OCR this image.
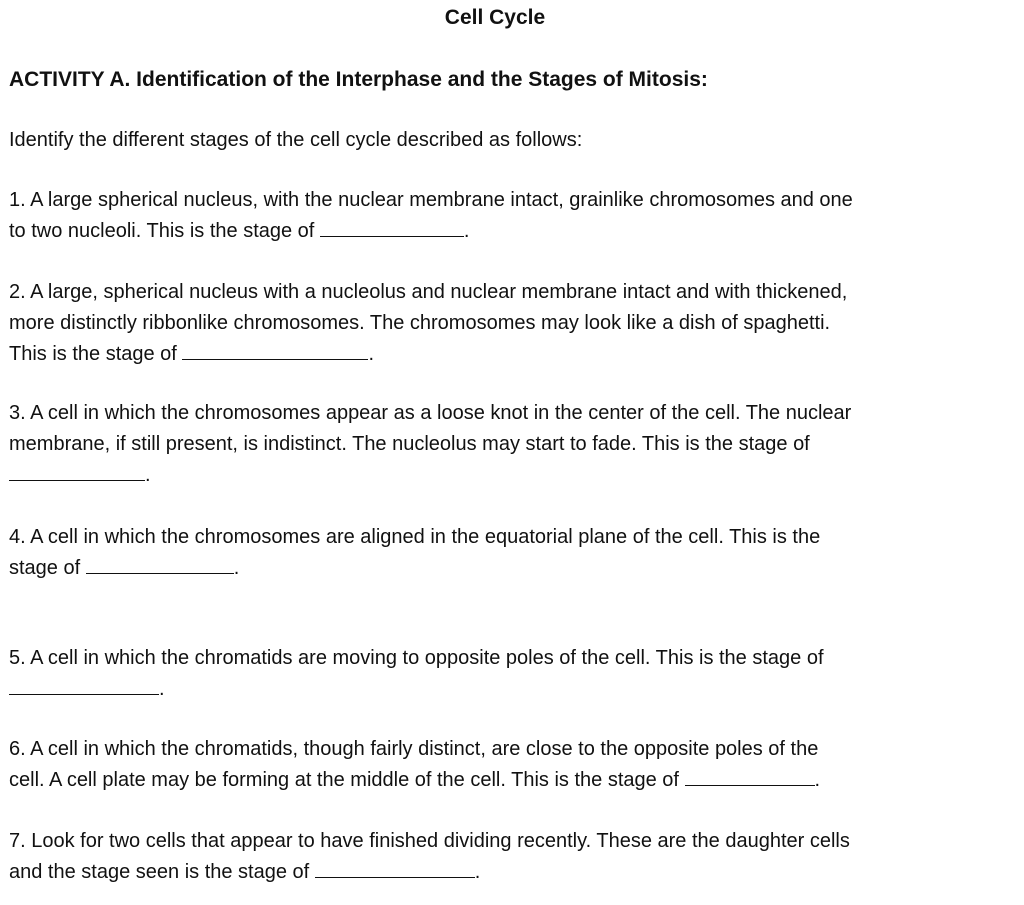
Cell Cycle
ACTIVITY A. Identification of the Interphase and the Stages of Mitosis:
Identify the different stages of the cell cycle described as follows:
1. A large spherical nucleus, with the nuclear membrane intact, grainlike chromosomes and one
to two nucleoli. This is the stage of	.
2. A large, spherical nucleus with a nucleolus and nuclear membrane intact and with thickened,
more distinctly ribbonlike chromosomes. The chromosomes may look like a dish of spaghetti.
This is the stage of	.
3. A cell in which the chromosomes appear as a loose knot in the center of the cell. The nuclear
membrane, if still present, is indistinct. The nucleolus may start to fade. This is the stage of
.
4. A cell in which the chromosomes are aligned in the equatorial plane of the cell. This is the
stage of	.
5. A cell in which the chromatids are moving to opposite poles of the cell. This is the stage of
.
6. A cell in which the chromatids, though fairly distinct, are close to the opposite poles of the
cell. A cell plate may be forming at the middle of the cell. This is the stage of	.
7. Look for two cells that appear to have finished dividing recently. These are the daughter cells
and the stage seen is the stage of	.
